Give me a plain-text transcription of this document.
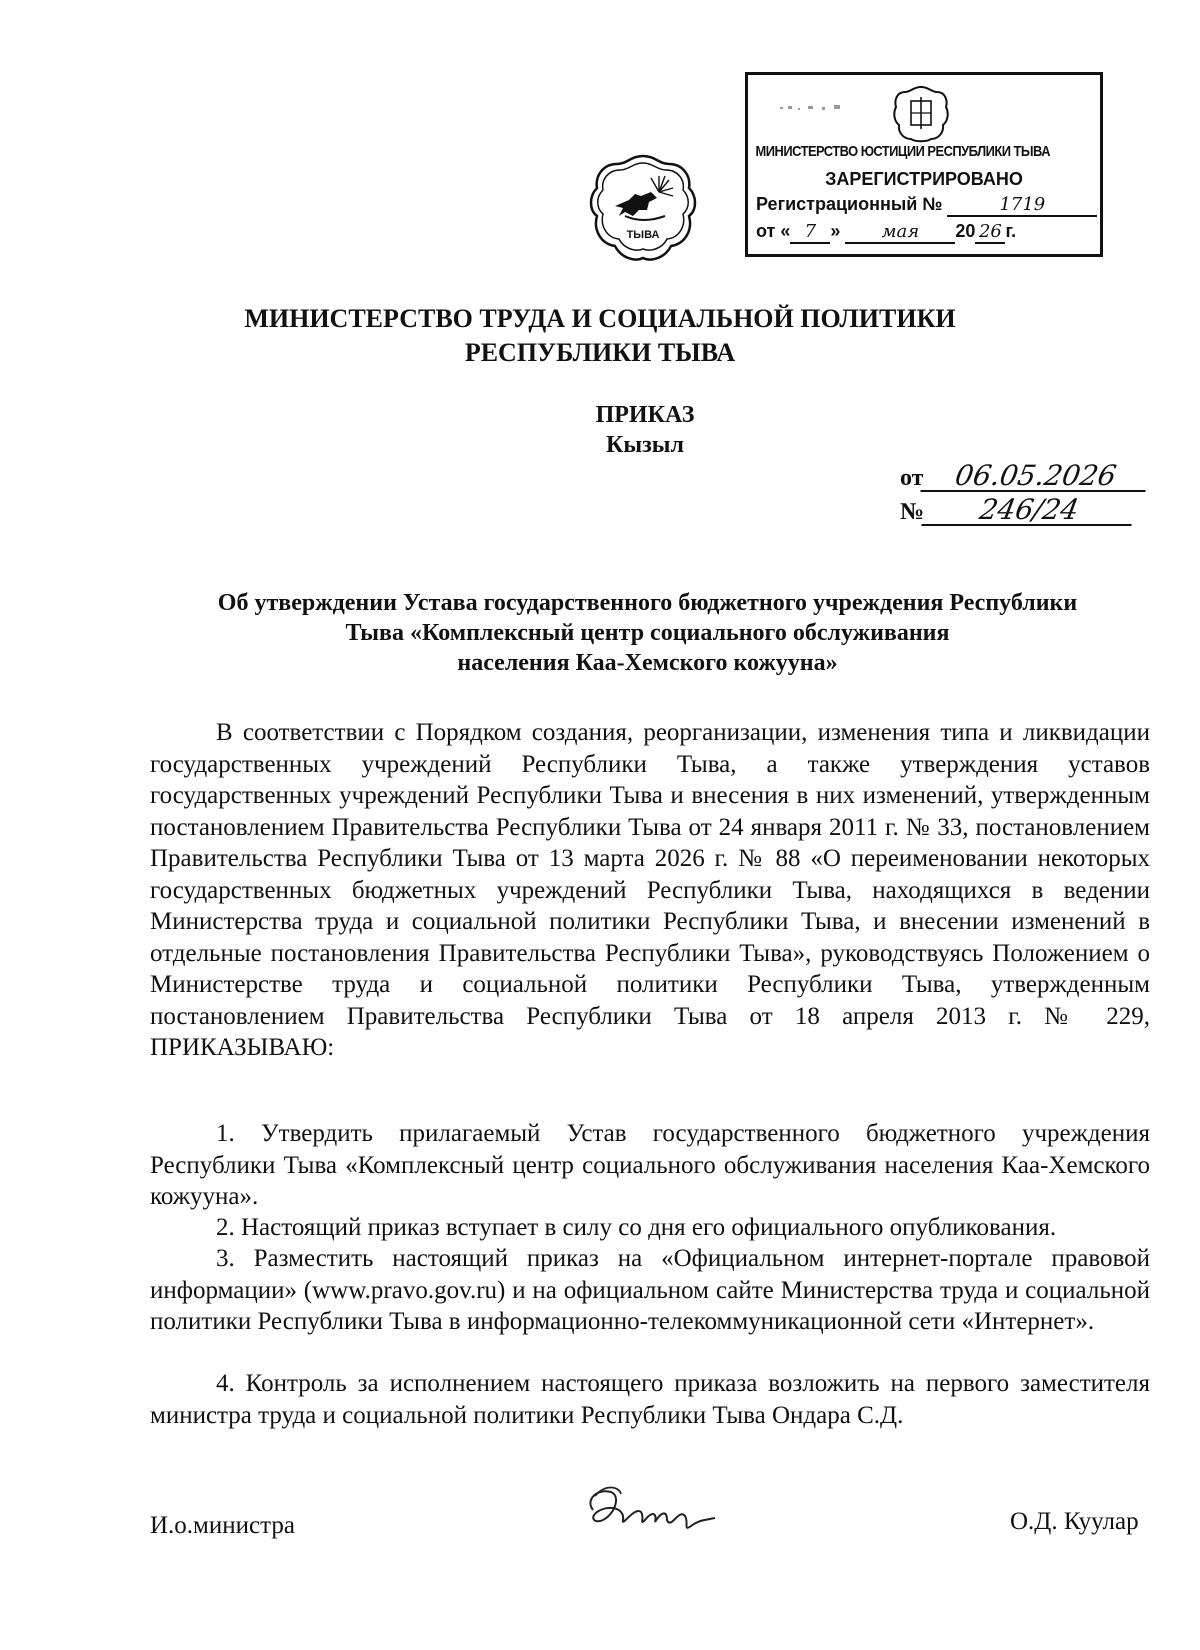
ТЫВА
МИНИСТЕРСТВО ЮСТИЦИИ РЕСПУБЛИКИ ТЫВА
ЗАРЕГИСТРИРОВАНО
Регистрационный №	1719
от « 7 » мая 20 26 г.
МИНИСТЕРСТВО ТРУДА И СОЦИАЛЬНОЙ ПОЛИТИКИ
РЕСПУБЛИКИ ТЫВА
ПРИКАЗ
Кызыл
от 06.05.2026
№ 246/24
Об утверждении Устава государственного бюджетного учреждения Республики
Тыва «Комплексный центр социального обслуживания
населения Каа-Хемского кожууна»

В соответствии с Порядком создания, реорганизации, изменения типа и ликвидации государственных учреждений Республики Тыва, а также утверждения уставов государственных учреждений Республики Тыва и внесения в них изменений, утвержденным постановлением Правительства Республики Тыва от 24 января 2011 г. № 33, постановлением Правительства Республики Тыва от 13 марта 2026 г. № 88 «О переименовании некоторых государственных бюджетных учреждений Республики Тыва, находящихся в ведении Министерства труда и социальной политики Республики Тыва, и внесении изменений в отдельные постановления Правительства Республики Тыва», руководствуясь Положением о Министерстве труда и социальной политики Республики Тыва, утвержденным постановлением Правительства Республики Тыва от 18 апреля 2013 г. № 229, ПРИКАЗЫВАЮ:

1. Утвердить прилагаемый Устав государственного бюджетного учреждения Республики Тыва «Комплексный центр социального обслуживания населения Каа-Хемского кожууна».

2. Настоящий приказ вступает в силу со дня его официального опубликования.

3. Разместить настоящий приказ на «Официальном интернет-портале правовой информации» (www.pravo.gov.ru) и на официальном сайте Министерства труда и социальной политики Республики Тыва в информационно-телекоммуникационной сети «Интернет».

4. Контроль за исполнением настоящего приказа возложить на первого заместителя министра труда и социальной политики Республики Тыва Ондара С.Д.

И.о.министра	О.Д. Куулар
